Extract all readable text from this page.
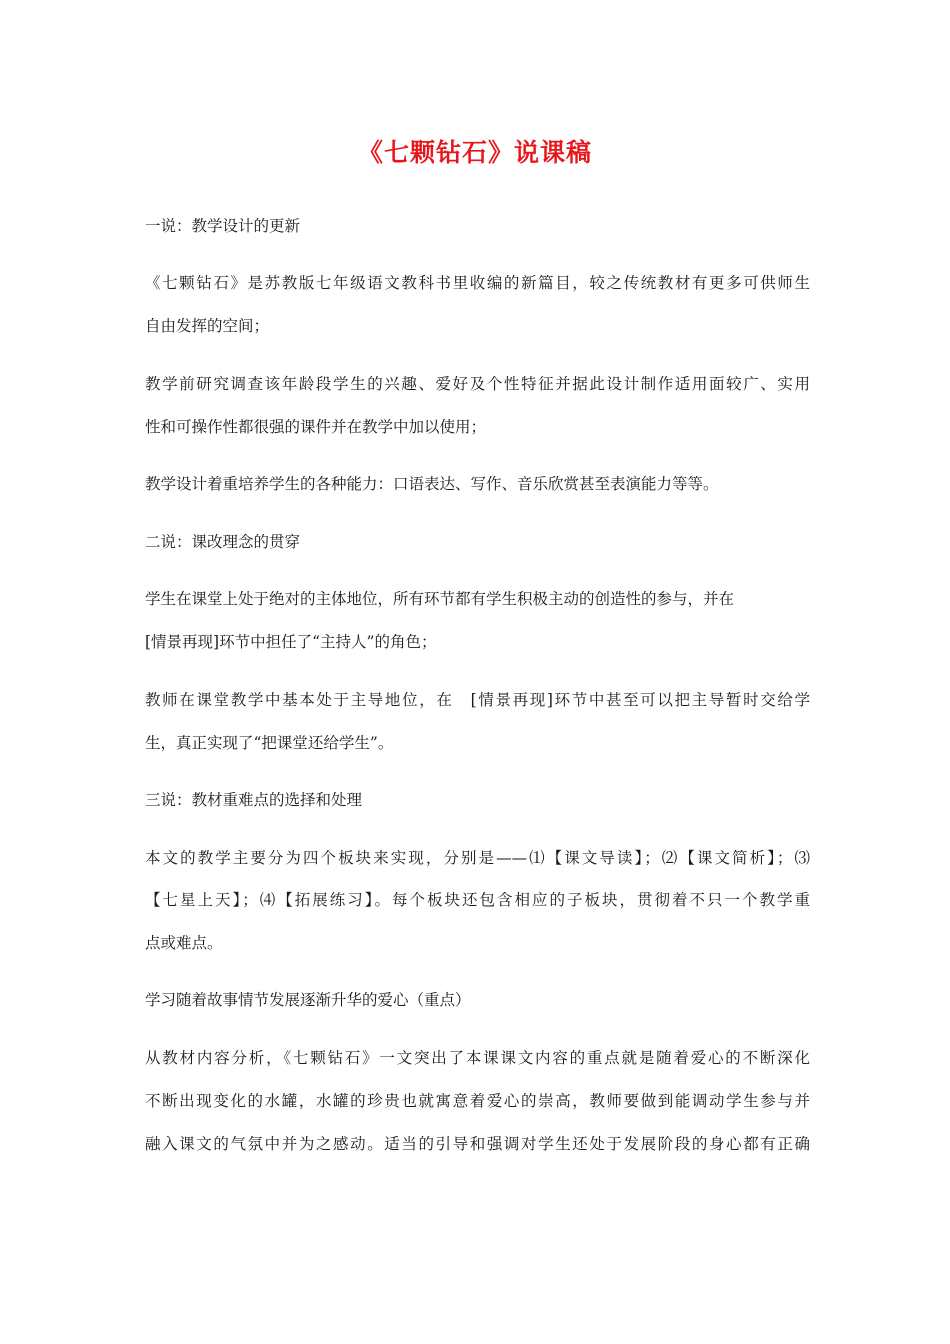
《七颗钻石》说课稿
一说：教学设计的更新
《七颗钻石》是苏教版七年级语文教科书里收编的新篇目，较之传统教材有更多可供师生
自由发挥的空间；
教学前研究调查该年龄段学生的兴趣、爱好及个性特征并据此设计制作适用面较广、实用
性和可操作性都很强的课件并在教学中加以使用；
教学设计着重培养学生的各种能力：口语表达、写作、音乐欣赏甚至表演能力等等。
二说：课改理念的贯穿
学生在课堂上处于绝对的主体地位，所有环节都有学生积极主动的创造性的参与，并在
[情景再现]环节中担任了“主持人”的角色；
教师在课堂教学中基本处于主导地位，在　[情景再现]环节中甚至可以把主导暂时交给学
生，真正实现了“把课堂还给学生”。
三说：教材重难点的选择和处理
本文的教学主要分为四个板块来实现，分别是——⑴【课文导读】；⑵【课文简析】；⑶
【七星上天】；⑷【拓展练习】。每个板块还包含相应的子板块，贯彻着不只一个教学重
点或难点。
学习随着故事情节发展逐渐升华的爱心（重点）
从教材内容分析，《七颗钻石》一文突出了本课课文内容的重点就是随着爱心的不断深化
不断出现变化的水罐，水罐的珍贵也就寓意着爱心的崇高，教师要做到能调动学生参与并
融入课文的气氛中并为之感动。适当的引导和强调对学生还处于发展阶段的身心都有正确
